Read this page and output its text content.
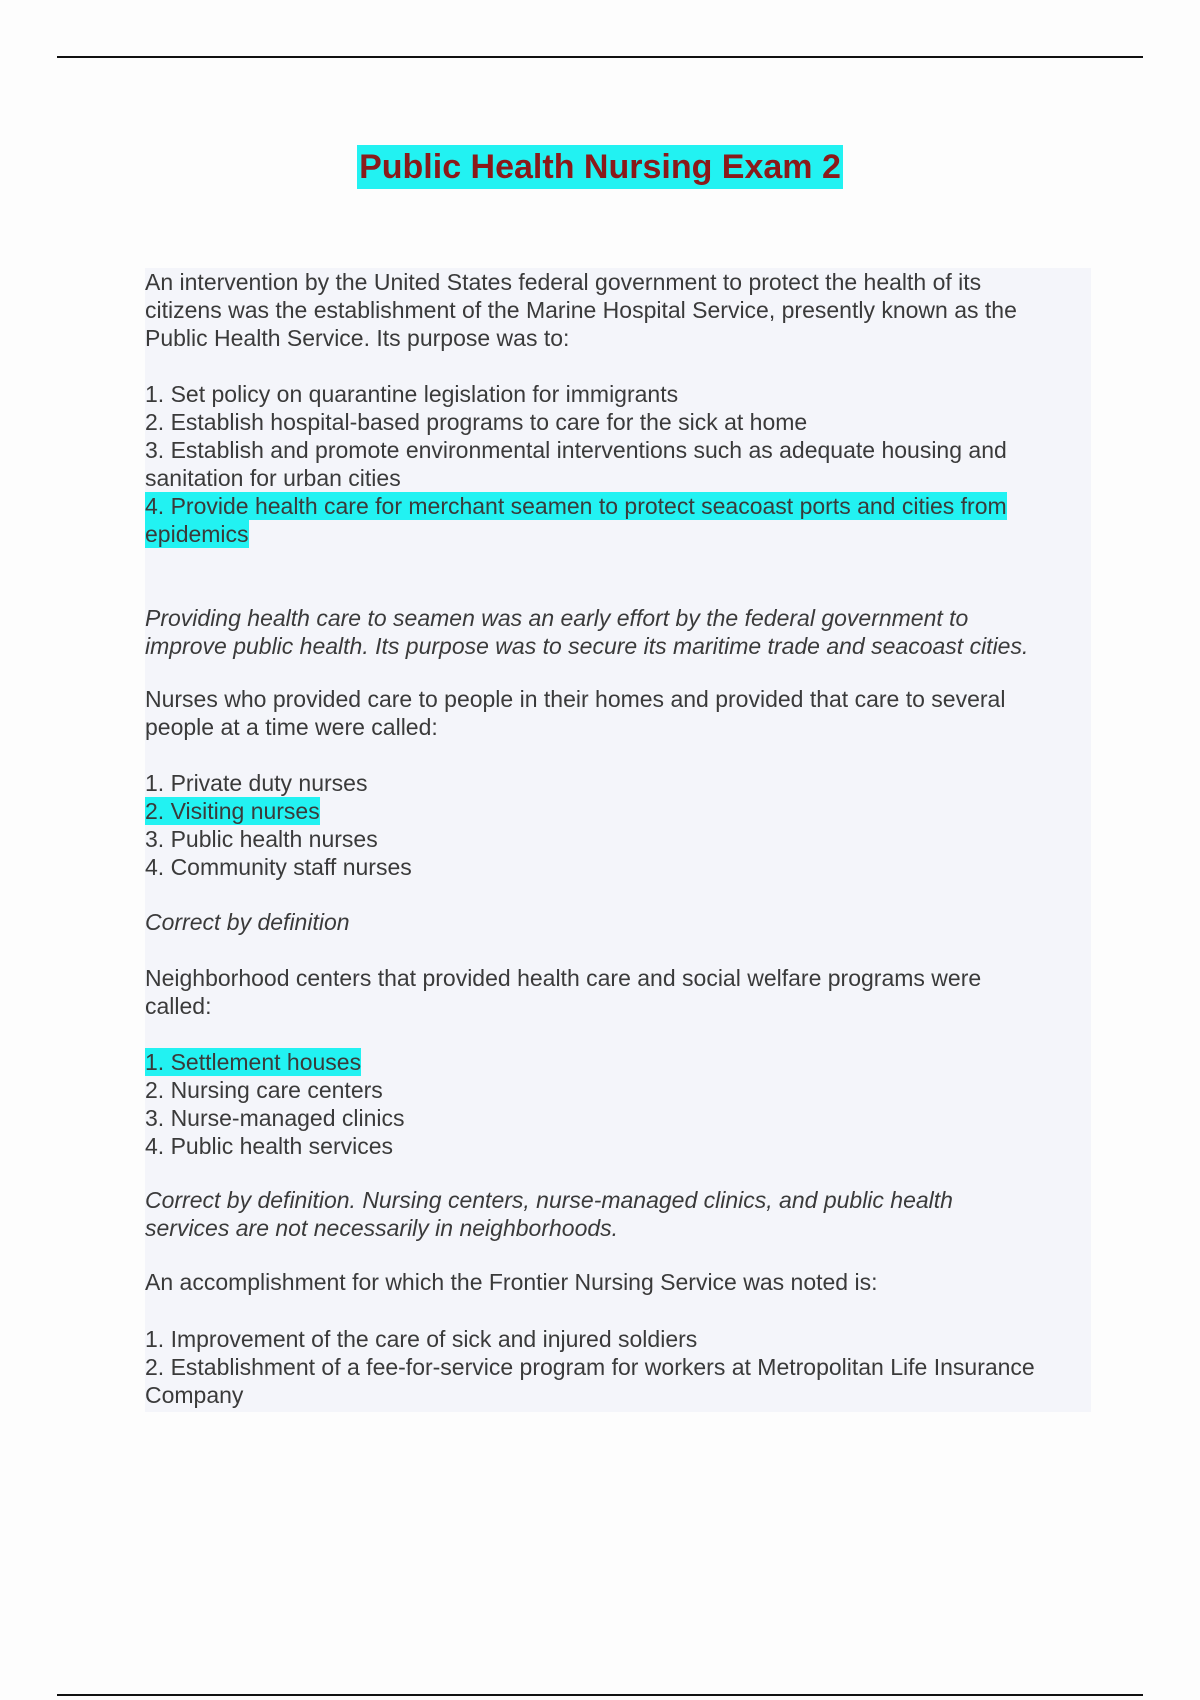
Public Health Nursing Exam 2
An intervention by the United States federal government to protect the health of its
citizens was the establishment of the Marine Hospital Service, presently known as the
Public Health Service. Its purpose was to:
1. Set policy on quarantine legislation for immigrants
2. Establish hospital-based programs to care for the sick at home
3. Establish and promote environmental interventions such as adequate housing and
sanitation for urban cities
4. Provide health care for merchant seamen to protect seacoast ports and cities from
epidemics
Providing health care to seamen was an early effort by the federal government to
improve public health. Its purpose was to secure its maritime trade and seacoast cities.
Nurses who provided care to people in their homes and provided that care to several
people at a time were called:
1. Private duty nurses
2. Visiting nurses
3. Public health nurses
4. Community staff nurses
Correct by definition
Neighborhood centers that provided health care and social welfare programs were
called:
1. Settlement houses
2. Nursing care centers
3. Nurse-managed clinics
4. Public health services
Correct by definition. Nursing centers, nurse-managed clinics, and public health
services are not necessarily in neighborhoods.
An accomplishment for which the Frontier Nursing Service was noted is:
1. Improvement of the care of sick and injured soldiers
2. Establishment of a fee-for-service program for workers at Metropolitan Life Insurance
Company
